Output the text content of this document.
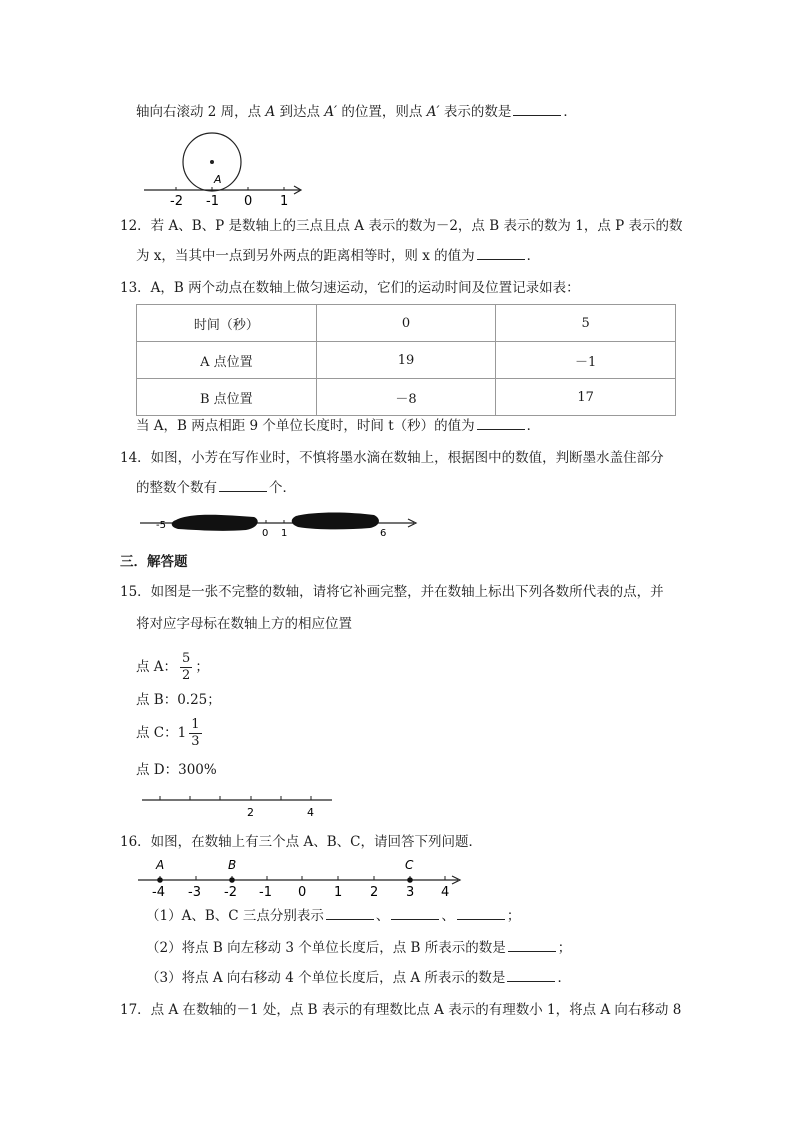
轴向右滚动 2 周，点 A 到达点 A′ 的位置，则点 A′ 表示的数是	．
A
-2 -1 0 1
12．若 A、B、P 是数轴上的三点且点 A 表示的数为－2，点 B 表示的数为 1，点 P 表示的数
为 x，当其中一点到另外两点的距离相等时，则 x 的值为	．
13．A，B 两个动点在数轴上做匀速运动，它们的运动时间及位置记录如表：
时间（秒）	0	5
A 点位置	19	－1
B 点位置	－8	17
当 A，B 两点相距 9 个单位长度时，时间 t（秒）的值为	．
14．如图，小芳在写作业时，不慎将墨水滴在数轴上，根据图中的数值，判断墨水盖住部分
的整数个数有	个．
-5
0 1	6
三．解答题
15．如图是一张不完整的数轴，请将它补画完整，并在数轴上标出下列各数所代表的点，并
将对应字母标在数轴上方的相应位置
点 A： $\frac{5}{2}$ ；
点 B：0.25；
点 C：$1 \frac{1}{3}$
点 D：300%
2	4
16．如图，在数轴上有三个点 A、B、C，请回答下列问题．
A	B	C
-4 -3 -2 -1 0 1 2 3 4
（1）A、B、C 三点分别表示	、	、	；
（2）将点 B 向左移动 3 个单位长度后，点 B 所表示的数是	；
（3）将点 A 向右移动 4 个单位长度后，点 A 所表示的数是	．
17．点 A 在数轴的－1 处，点 B 表示的有理数比点 A 表示的有理数小 1，将点 A 向右移动 8
